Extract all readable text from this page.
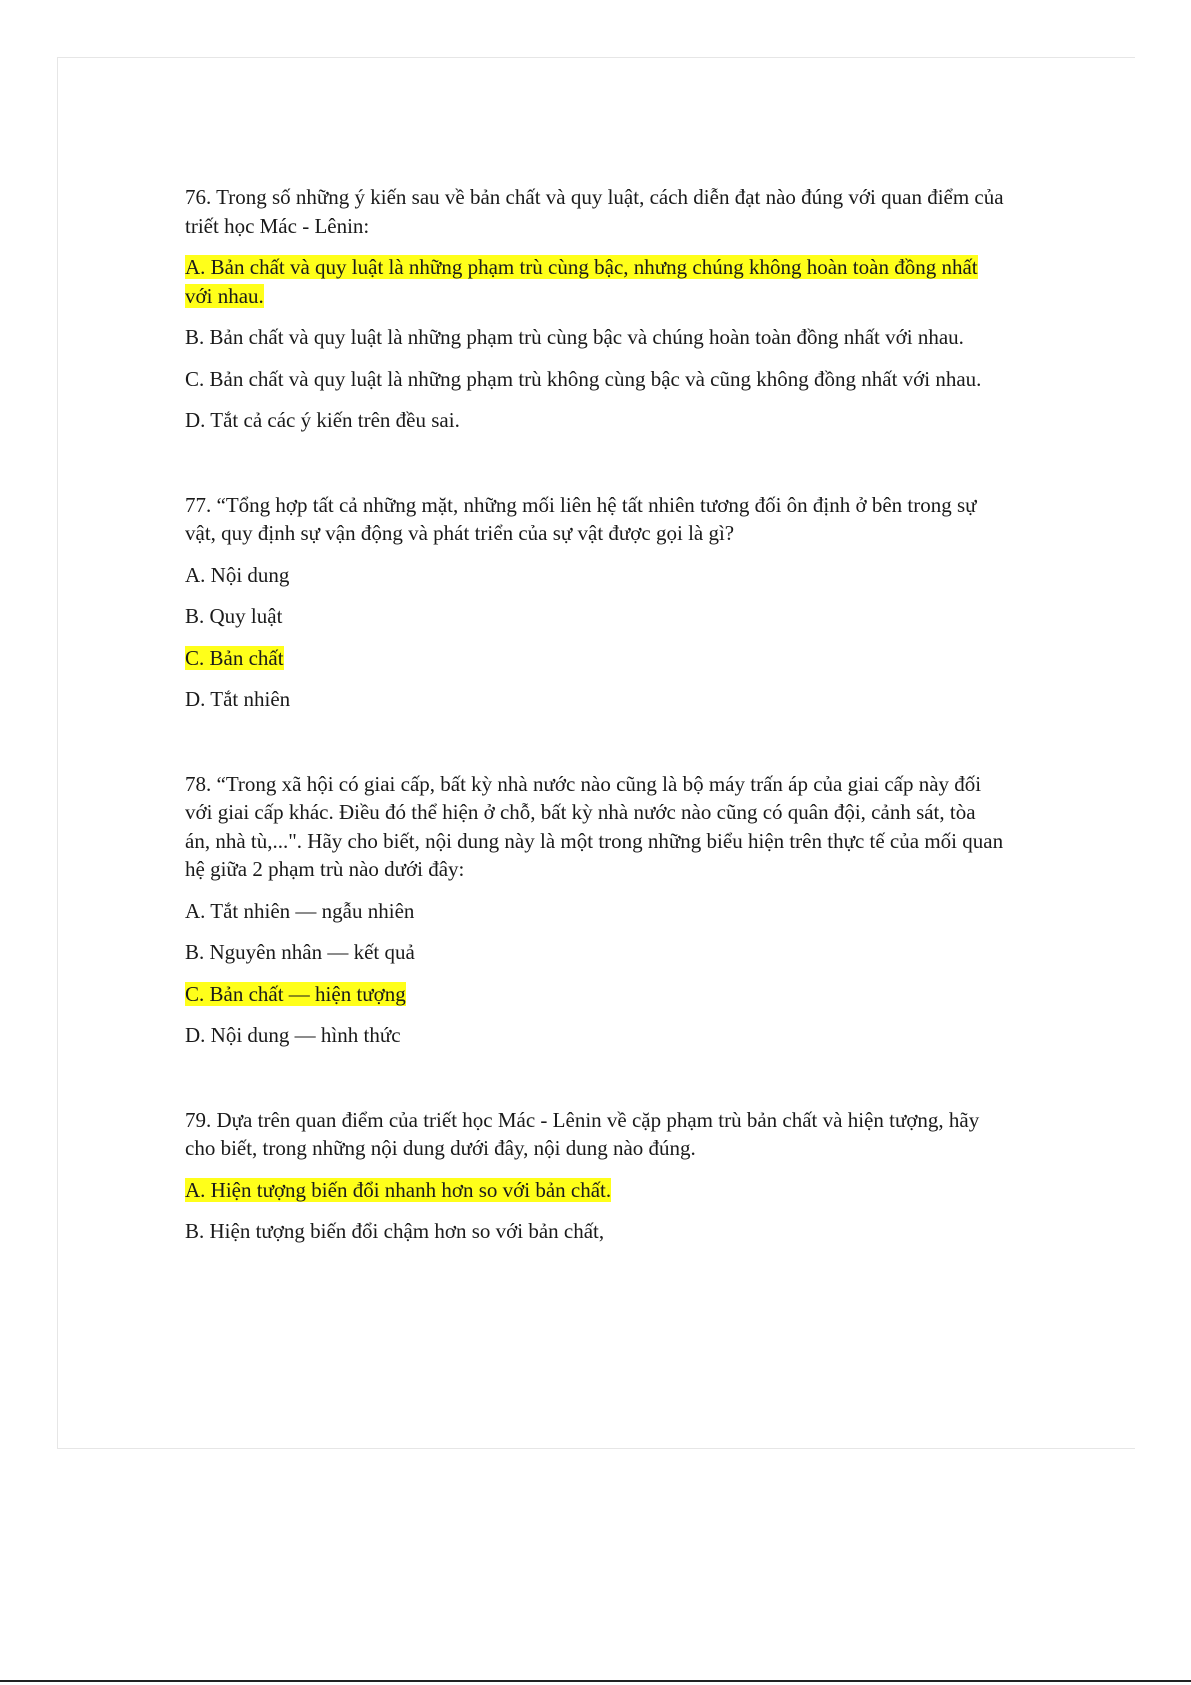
76. Trong số những ý kiến sau về bản chất và quy luật, cách diễn đạt nào đúng với quan điểm của triết học Mác - Lênin:

A. Bản chất và quy luật là những phạm trù cùng bậc, nhưng chúng không hoàn toàn đồng nhất với nhau.

B. Bản chất và quy luật là những phạm trù cùng bậc và chúng hoàn toàn đồng nhất với nhau.

C. Bản chất và quy luật là những phạm trù không cùng bậc và cũng không đồng nhất với nhau.

D. Tắt cả các ý kiến trên đều sai.

77. “Tổng hợp tất cả những mặt, những mối liên hệ tất nhiên tương đối ôn định ở bên trong sự vật, quy định sự vận động và phát triển của sự vật được gọi là gì?

A. Nội dung

B. Quy luật

C. Bản chất

D. Tắt nhiên

78. “Trong xã hội có giai cấp, bất kỳ nhà nước nào cũng là bộ máy trấn áp của giai cấp này đối với giai cấp khác. Điều đó thể hiện ở chỗ, bất kỳ nhà nước nào cũng có quân đội, cảnh sát, tòa án, nhà tù,...". Hãy cho biết, nội dung này là một trong những biểu hiện trên thực tế của mối quan hệ giữa 2 phạm trù nào dưới đây:

A. Tắt nhiên — ngẫu nhiên

B. Nguyên nhân — kết quả

C. Bản chất — hiện tượng

D. Nội dung — hình thức

79. Dựa trên quan điểm của triết học Mác - Lênin về cặp phạm trù bản chất và hiện tượng, hãy cho biết, trong những nội dung dưới đây, nội dung nào đúng.

A. Hiện tượng biến đổi nhanh hơn so với bản chất.

B. Hiện tượng biến đổi chậm hơn so với bản chất,
